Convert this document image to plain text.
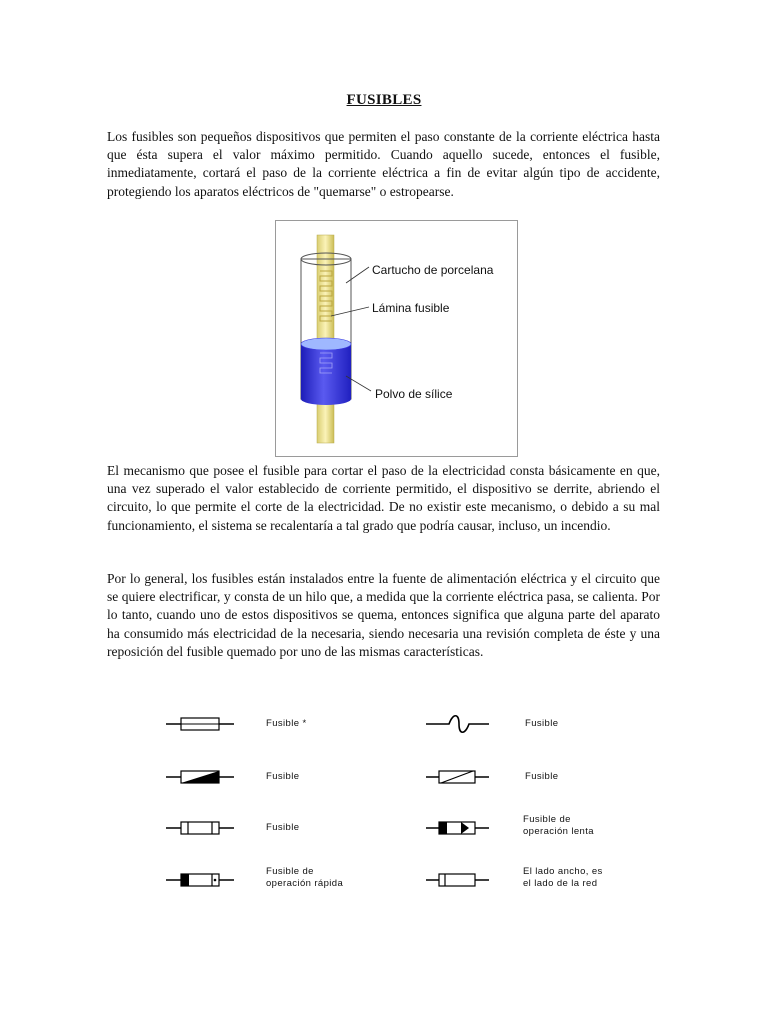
FUSIBLES

Los fusibles son pequeños dispositivos que permiten el paso constante de la corriente eléctrica hasta que ésta supera el valor máximo permitido. Cuando aquello sucede, entonces el fusible, inmediatamente, cortará el paso de la corriente eléctrica a fin de evitar algún tipo de accidente, protegiendo los aparatos eléctricos de "quemarse" o estropearse.

Cartucho de porcelana
Lámina fusible
Polvo de sílice

El mecanismo que posee el fusible para cortar el paso de la electricidad consta básicamente en que, una vez superado el valor establecido de corriente permitido, el dispositivo se derrite, abriendo el circuito, lo que permite el corte de la electricidad. De no existir este mecanismo, o debido a su mal funcionamiento, el sistema se recalentaría a tal grado que podría causar, incluso, un incendio.

Por lo general, los fusibles están instalados entre la fuente de alimentación eléctrica y el circuito que se quiere electrificar, y consta de un hilo que, a medida que la corriente eléctrica pasa, se calienta. Por lo tanto, cuando uno de estos dispositivos se quema, entonces significa que alguna parte del aparato ha consumido más electricidad de la necesaria, siendo necesaria una revisión completa de éste y una reposición del fusible quemado por uno de las mismas características.

Fusible *	Fusible
Fusible	Fusible
Fusible
Fusible de
operación lenta
Fusible de
operación rápida
El lado ancho, es
el lado de la red
